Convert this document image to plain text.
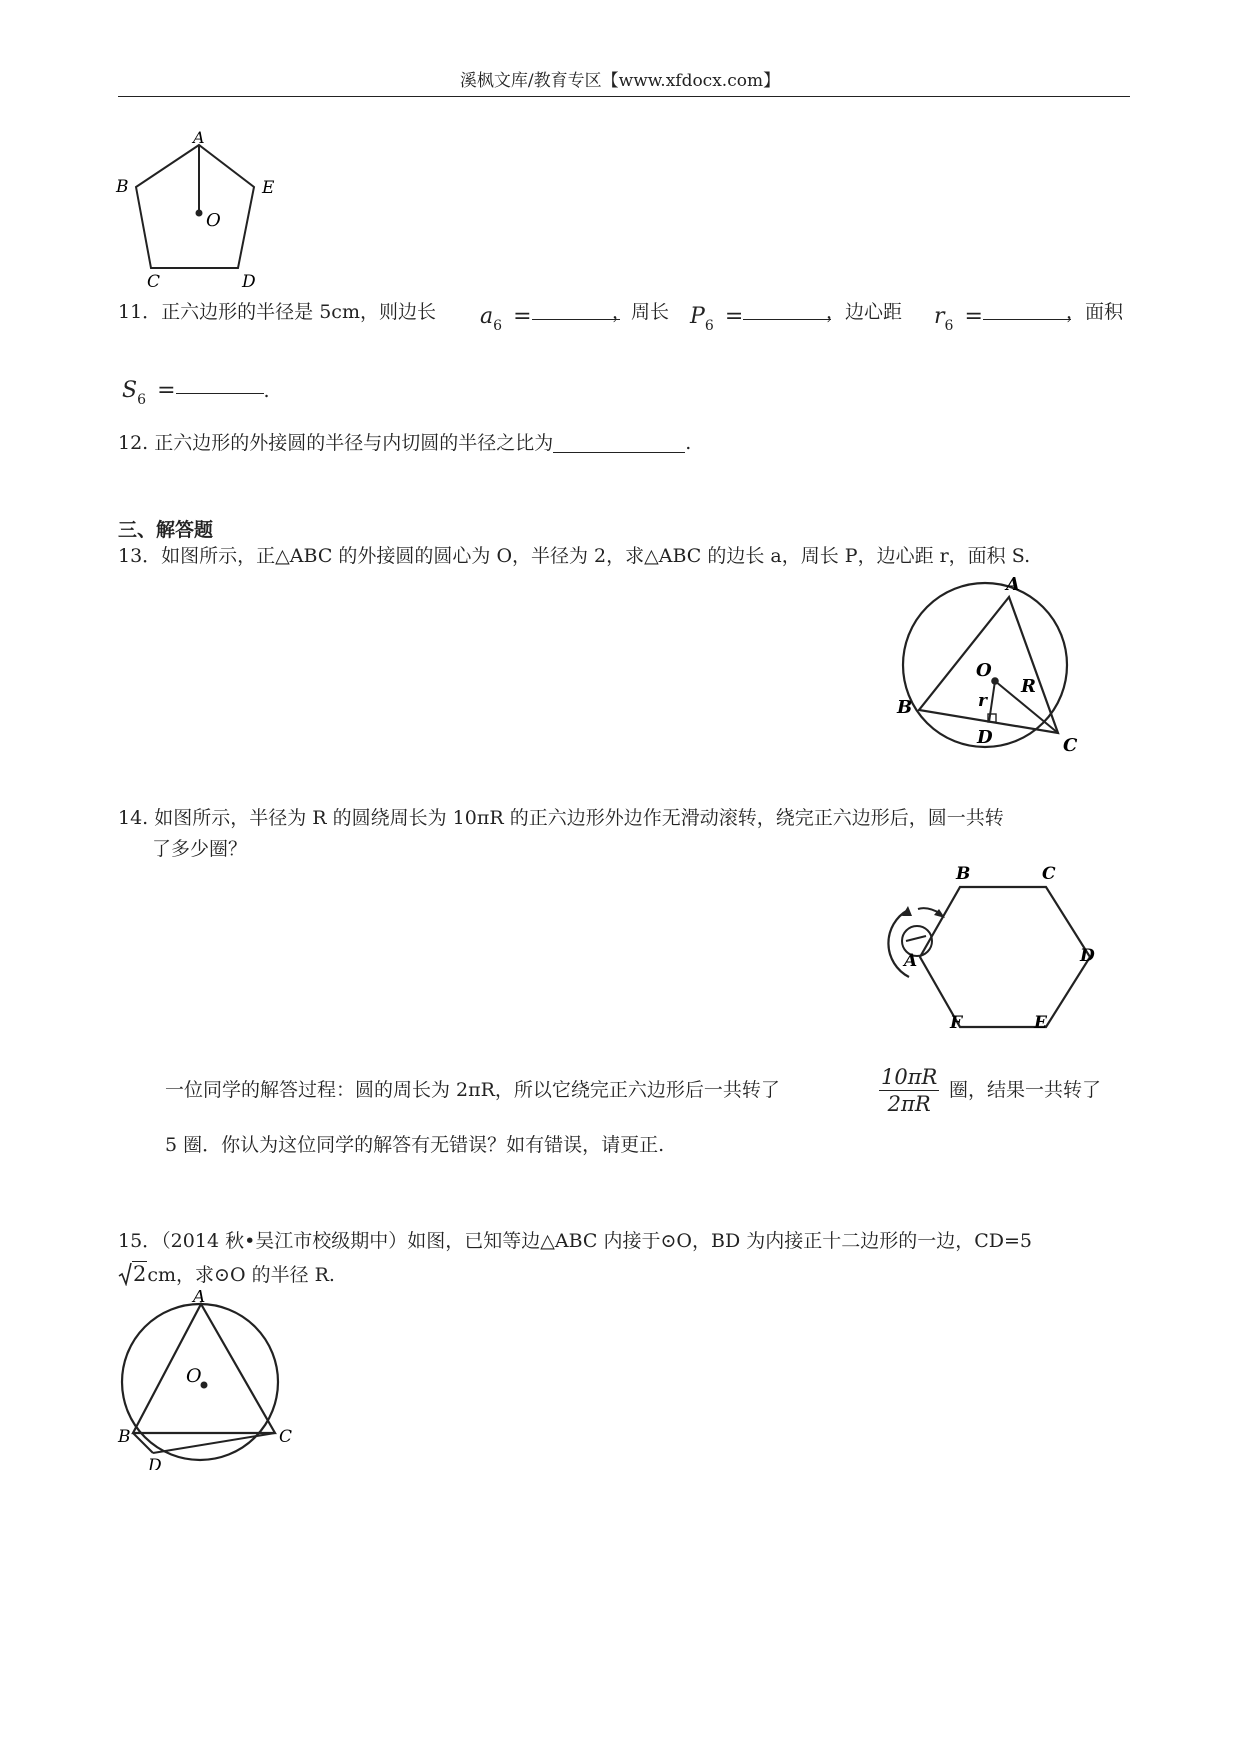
溪枫文库/教育专区【www.xfdocx.com】
A
B	E
O
C	D
11．正六边形的半径是 5cm，则边长 a6 =	，周长 P6 =	，边心距 r6 =	，面积
S6 =	.
12. 正六边形的外接圆的半径与内切圆的半径之比为	.
三、解答题
13．如图所示，正△ABC 的外接圆的圆心为 O，半径为 2，求△ABC 的边长 a，周长 P，边心距 r，面积 S.
A
O
R
r
B
D	C
14. 如图所示，半径为 R 的圆绕周长为 10πR 的正六边形外边作无滑动滚转，绕完正六边形后，圆一共转
了多少圈？
B	C
A	D
F	E
一位同学的解答过程：圆的周长为 2πR，所以它绕完正六边形后一共转了	$\frac{10\pi R}{2\pi R}$ 圈，结果一共转了
5 圈．你认为这位同学的解答有无错误？如有错误，请更正.
15．（2014 秋•吴江市校级期中）如图，已知等边△ABC 内接于⊙O，BD 为内接正十二边形的一边，CD=5
2cm，求⊙O 的半径 R.
A
O
B	C
D
